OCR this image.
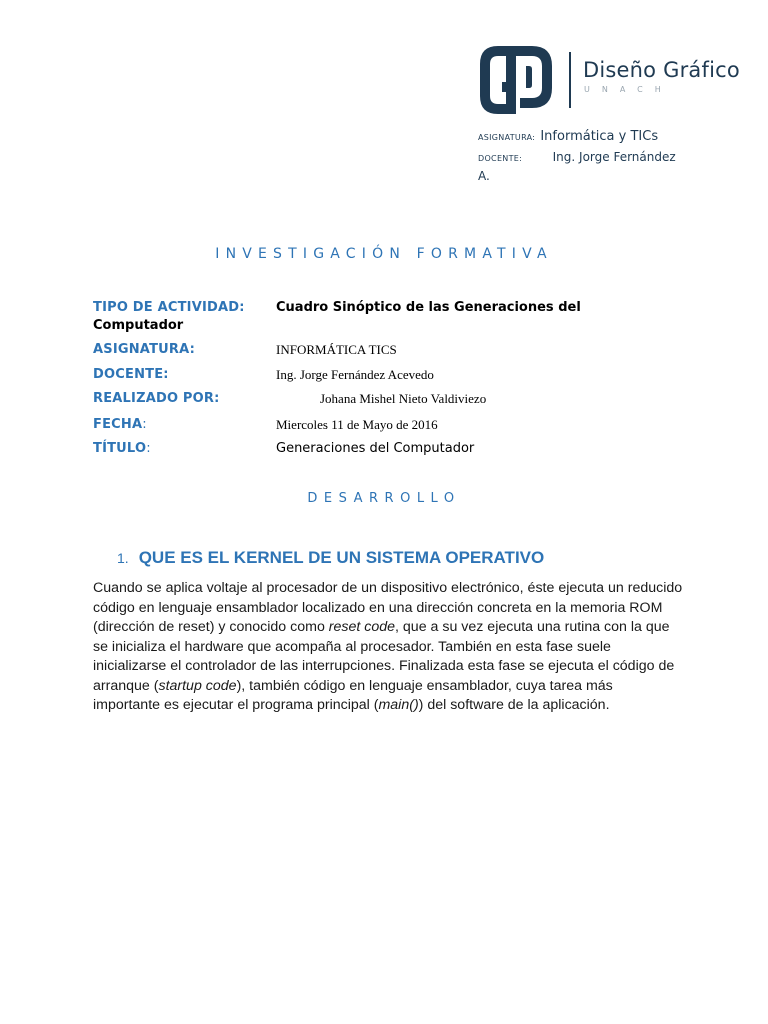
Diseño Gráfico
UNACH
ASIGNATURA: Informática y TICs
DOCENTE:	Ing. Jorge Fernández A.
INVESTIGACIÓN FORMATIVA
TIPO DE ACTIVIDAD: Cuadro Sinóptico de las Generaciones del
Computador
ASIGNATURA:	INFORMÁTICA TICS
DOCENTE:	Ing. Jorge Fernández Acevedo
REALIZADO POR:	Johana Mishel Nieto Valdiviezo
FECHA:	Miercoles 11 de Mayo de 2016
TÍTULO:	Generaciones del Computador
DESARROLLO
1. QUE ES EL KERNEL DE UN SISTEMA OPERATIVO
Cuando se aplica voltaje al procesador de un dispositivo electrónico, éste ejecuta un reducido código en lenguaje ensamblador localizado en una dirección concreta en la memoria ROM (dirección de reset) y conocido como reset code, que a su vez ejecuta una rutina con la que se inicializa el hardware que acompaña al procesador. También en esta fase suele inicializarse el controlador de las interrupciones. Finalizada esta fase se ejecuta el código de arranque (startup code), también código en lenguaje ensamblador, cuya tarea más importante es ejecutar el programa principal (main()) del software de la aplicación.
